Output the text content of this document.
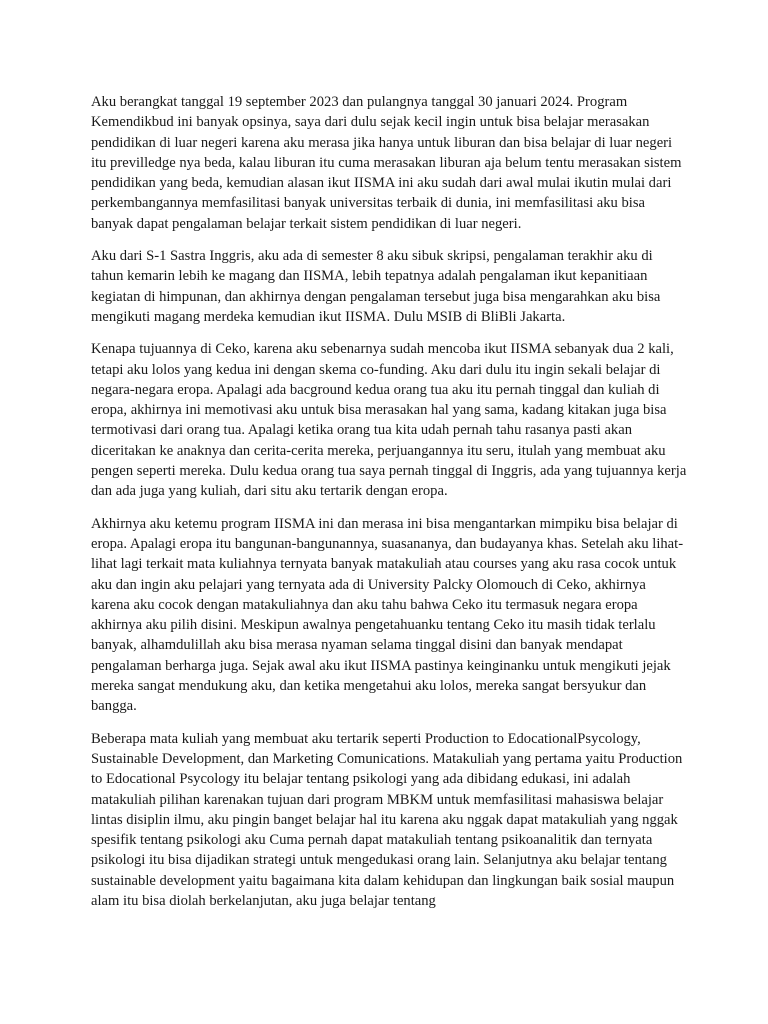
Aku berangkat tanggal 19 september 2023 dan pulangnya tanggal 30 januari 2024. Program Kemendikbud ini banyak opsinya, saya dari dulu sejak kecil ingin untuk bisa belajar merasakan pendidikan di luar negeri karena aku merasa jika hanya untuk liburan dan bisa belajar di luar negeri itu previlledge nya beda, kalau liburan itu cuma merasakan liburan aja belum tentu merasakan sistem pendidikan yang beda, kemudian alasan ikut IISMA ini aku sudah dari awal mulai ikutin mulai dari perkembangannya memfasilitasi banyak universitas terbaik di dunia, ini memfasilitasi aku bisa banyak dapat pengalaman belajar terkait sistem pendidikan di luar negeri.

Aku dari S-1 Sastra Inggris, aku ada di semester 8 aku sibuk skripsi, pengalaman terakhir aku di tahun kemarin lebih ke magang dan IISMA, lebih tepatnya adalah pengalaman ikut kepanitiaan kegiatan di himpunan, dan akhirnya dengan pengalaman tersebut juga bisa mengarahkan aku bisa mengikuti magang merdeka kemudian ikut IISMA. Dulu MSIB di BliBli Jakarta.

Kenapa tujuannya di Ceko, karena aku sebenarnya sudah mencoba ikut IISMA sebanyak dua 2 kali, tetapi aku lolos yang kedua ini dengan skema co-funding. Aku dari dulu itu ingin sekali belajar di negara-negara eropa. Apalagi ada bacground kedua orang tua aku itu pernah tinggal dan kuliah di eropa, akhirnya ini memotivasi aku untuk bisa merasakan hal yang sama, kadang kitakan juga bisa termotivasi dari orang tua. Apalagi ketika orang tua kita udah pernah tahu rasanya pasti akan diceritakan ke anaknya dan cerita-cerita mereka, perjuangannya itu seru, itulah yang membuat aku pengen seperti mereka. Dulu kedua orang tua saya pernah tinggal di Inggris, ada yang tujuannya kerja dan ada juga yang kuliah, dari situ aku tertarik dengan eropa.

Akhirnya aku ketemu program IISMA ini dan merasa ini bisa mengantarkan mimpiku bisa belajar di eropa. Apalagi eropa itu bangunan-bangunannya, suasananya, dan budayanya khas. Setelah aku lihat-lihat lagi terkait mata kuliahnya ternyata banyak matakuliah atau courses yang aku rasa cocok untuk aku dan ingin aku pelajari yang ternyata ada di University Palcky Olomouch di Ceko, akhirnya karena aku cocok dengan matakuliahnya dan aku tahu bahwa Ceko itu termasuk negara eropa akhirnya aku pilih disini. Meskipun awalnya pengetahuanku tentang Ceko itu masih tidak terlalu banyak, alhamdulillah aku bisa merasa nyaman selama tinggal disini dan banyak mendapat pengalaman berharga juga. Sejak awal aku ikut IISMA pastinya keinginanku untuk mengikuti jejak mereka sangat mendukung aku, dan ketika mengetahui aku lolos, mereka sangat bersyukur dan bangga.

Beberapa mata kuliah yang membuat aku tertarik seperti Production to EdocationalPsycology, Sustainable Development, dan Marketing Comunications. Matakuliah yang pertama yaitu Production to Edocational Psycology itu belajar tentang psikologi yang ada dibidang edukasi, ini adalah matakuliah pilihan karenakan tujuan dari program MBKM untuk memfasilitasi mahasiswa belajar lintas disiplin ilmu, aku pingin banget belajar hal itu karena aku nggak dapat matakuliah yang nggak spesifik tentang psikologi aku Cuma pernah dapat matakuliah tentang psikoanalitik dan ternyata psikologi itu bisa dijadikan strategi untuk mengedukasi orang lain. Selanjutnya aku belajar tentang sustainable development yaitu bagaimana kita dalam kehidupan dan lingkungan baik sosial maupun alam itu bisa diolah berkelanjutan, aku juga belajar tentang
